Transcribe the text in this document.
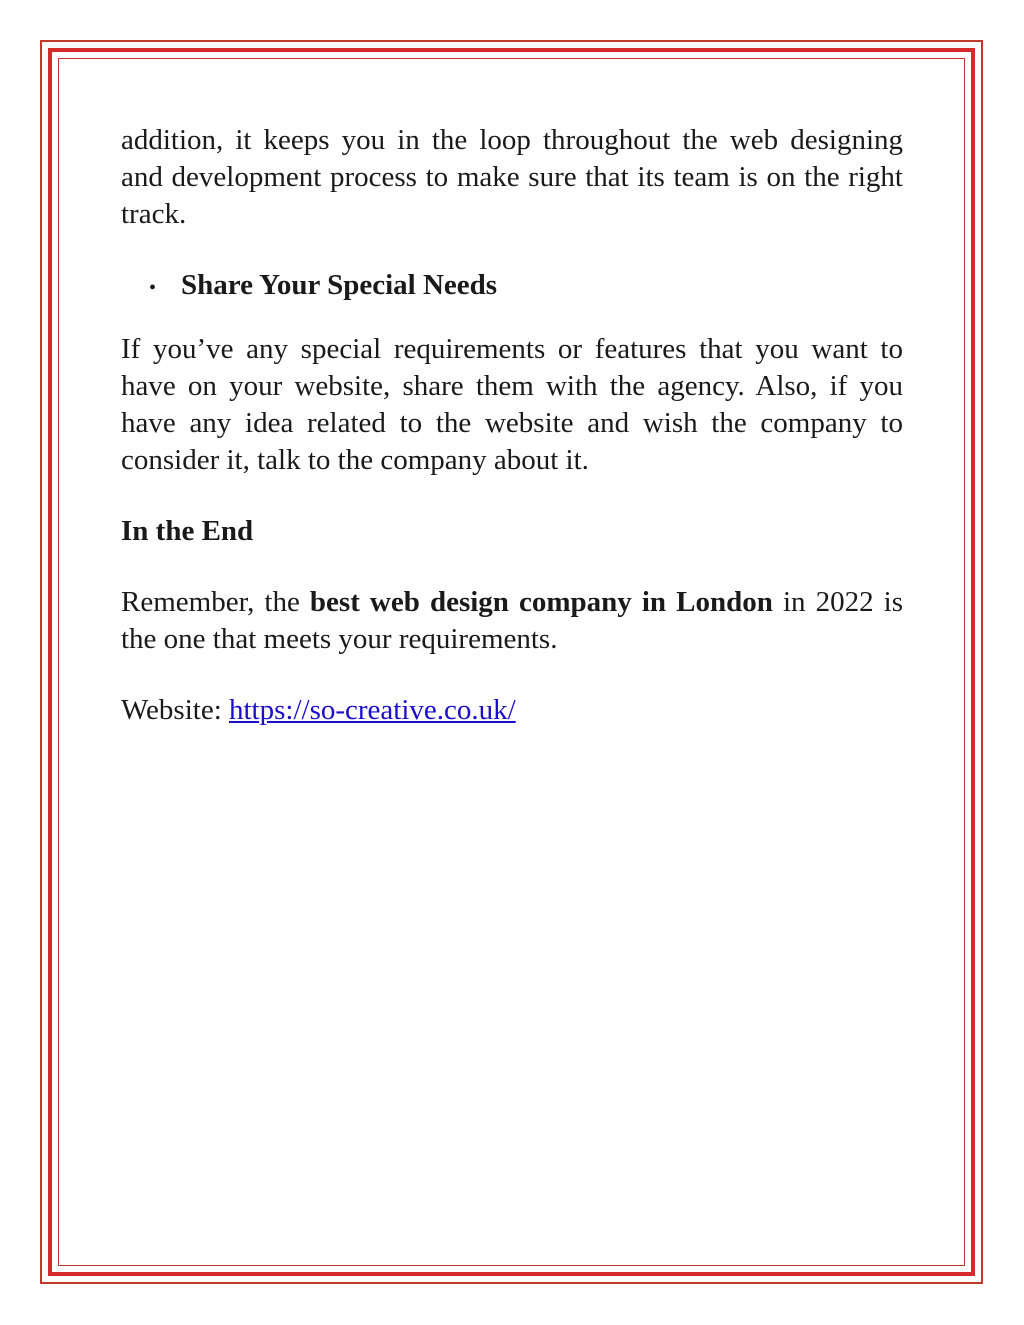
addition, it keeps you in the loop throughout the web designing and development process to make sure that its team is on the right track.

• Share Your Special Needs

If you’ve any special requirements or features that you want to have on your website, share them with the agency. Also, if you have any idea related to the website and wish the company to consider it, talk to the company about it.

In the End

Remember, the best web design company in London in 2022 is the one that meets your requirements.

Website: https://so-creative.co.uk/
